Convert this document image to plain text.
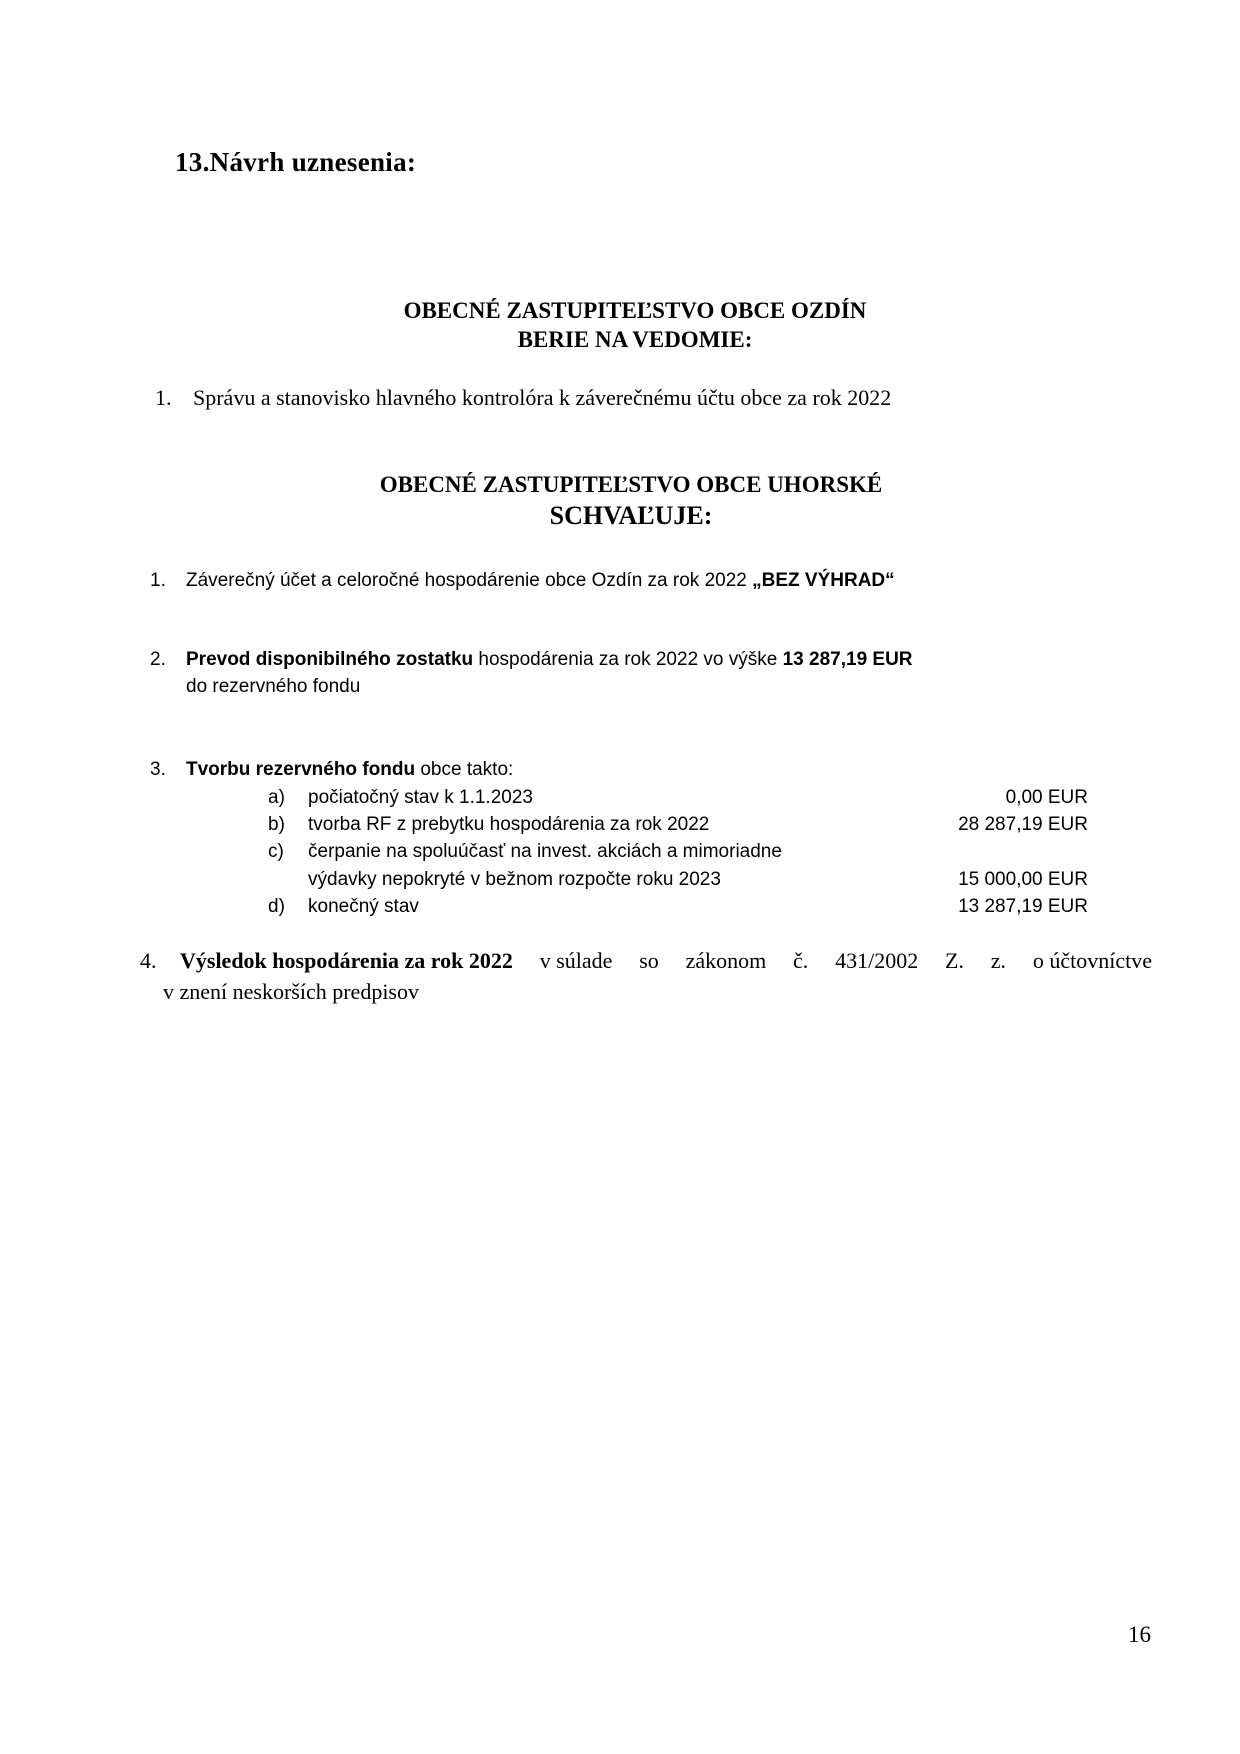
13.Návrh uznesenia:
OBECNÉ ZASTUPITEĽSTVO OBCE OZDÍN
BERIE NA VEDOMIE:
1. Správu a stanovisko hlavného kontrolóra k záverečnému účtu obce za rok 2022
OBECNÉ ZASTUPITEĽSTVO OBCE UHORSKÉ
SCHVAĽUJE:
1. Záverečný účet a celoročné hospodárenie obce Ozdín za rok 2022 „BEZ VÝHRAD“
2. Prevod disponibilného zostatku hospodárenia za rok 2022 vo výške 13 287,19 EUR
do rezervného fondu
3. Tvorbu rezervného fondu obce takto:
a) počiatočný stav k 1.1.2023	0,00 EUR
b) tvorba RF z prebytku hospodárenia za rok 2022	28 287,19 EUR
c) čerpanie na spoluúčasť na invest. akciách a mimoriadne
výdavky nepokryté v bežnom rozpočte roku 2023	15 000,00 EUR
d) konečný stav	13 287,19 EUR
4. Výsledok hospodárenia za rok 2022 v súlade so zákonom č. 431/2002 Z. z. o účtovníctve
v znení neskorších predpisov
16
